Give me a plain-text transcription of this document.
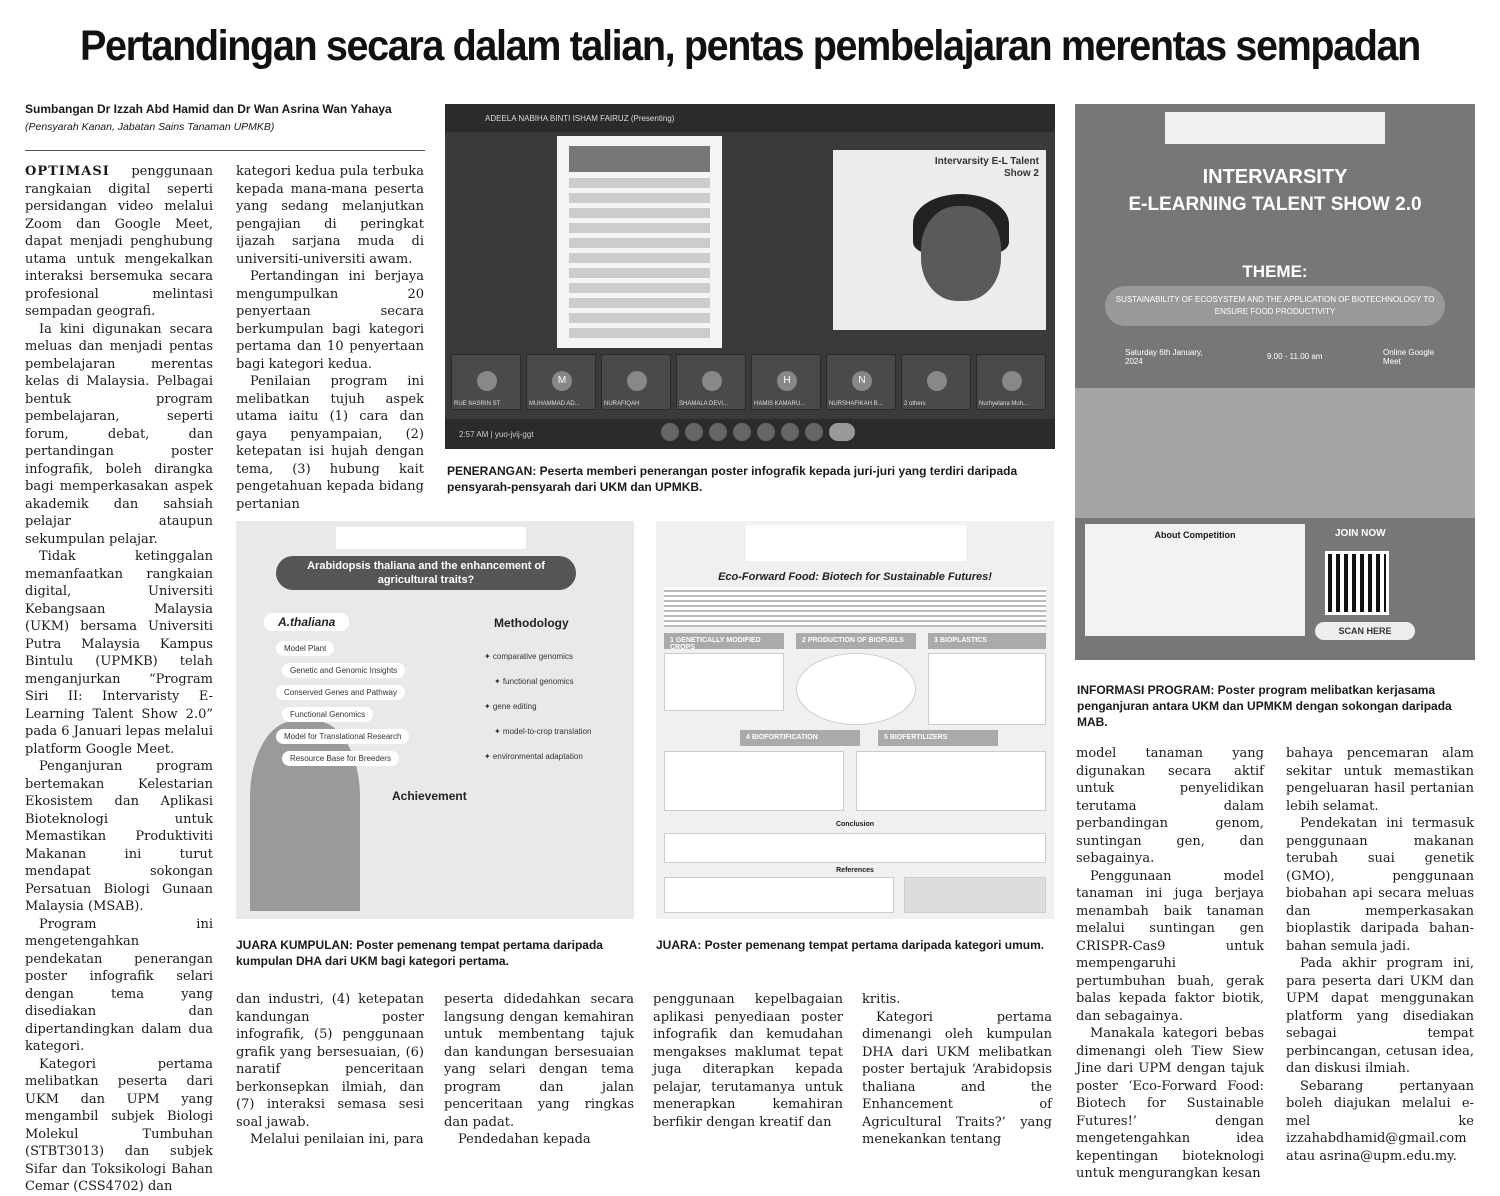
Pertandingan secara dalam talian, pentas pembelajaran merentas sempadan
Sumbangan Dr Izzah Abd Hamid dan Dr Wan Asrina Wan Yahaya
(Pensyarah Kanan, Jabatan Sains Tanaman UPMKB)

OPTIMASI penggunaan rangkaian digital seperti persidangan video melalui Zoom dan Google Meet, dapat menjadi penghubung utama untuk mengekalkan interaksi bersemuka secara profesional melintasi sempadan geografi.

Ia kini digunakan secara meluas dan menjadi pentas pembelajaran merentas kelas di Malaysia. Pelbagai bentuk program pembelajaran, seperti forum, debat, dan pertandingan poster infografik, boleh dirangka bagi memperkasakan aspek akademik dan sahsiah pelajar ataupun sekumpulan pelajar.

Tidak ketinggalan memanfaatkan rangkaian digital, Universiti Kebangsaan Malaysia (UKM) bersama Universiti Putra Malaysia Kampus Bintulu (UPMKB) telah menganjurkan “Program Siri II: Intervaristy E-Learning Talent Show 2.0” pada 6 Januari lepas melalui platform Google Meet.

Penganjuran program bertemakan Kelestarian Ekosistem dan Aplikasi Bioteknologi untuk Memastikan Produktiviti Makanan ini turut mendapat sokongan Persatuan Biologi Gunaan Malaysia (MSAB).

Program ini mengetengahkan pendekatan penerangan poster infografik selari dengan tema yang disediakan dan dipertandingkan dalam dua kategori.

Kategori pertama melibatkan peserta dari UKM dan UPM yang mengambil subjek Biologi Molekul Tumbuhan (STBT3013) dan subjek Sifar dan Toksikologi Bahan Cemar (CSS4702) dan

kategori kedua pula terbuka kepada mana-mana peserta yang sedang melanjutkan pengajian di peringkat ijazah sarjana muda di universiti-universiti awam.

Pertandingan ini berjaya mengumpulkan 20 penyertaan secara berkumpulan bagi kategori pertama dan 10 penyertaan bagi kategori kedua.

Penilaian program ini melibatkan tujuh aspek utama iaitu (1) cara dan gaya penyampaian, (2) ketepatan isi hujah dengan tema, (3) hubung kait pengetahuan kepada bidang pertanian

ADEELA NABIHA BINTI ISHAM FAIRUZ (Presenting)
Intervarsity E-L Talent Show 2
RUE NASRIN ST
M
MUHAMMAD AD...	NURAFIQAH	SHAMALA DEVI...
H
HAMIS KAMARU...
N
NURSHAFIKAH B...	2 others	Nurhyelana Moh...
2:57 AM | yuo-jvij-ggt
PENERANGAN: Peserta memberi penerangan poster infografik kepada juri-juri yang terdiri daripada pensyarah-pensyarah dari UKM dan UPMKB.
INTERVARSITY
E-LEARNING TALENT SHOW 2.0
THEME:
SUSTAINABILITY OF ECOSYSTEM AND THE APPLICATION OF BIOTECHNOLOGY TO ENSURE FOOD PRODUCTIVITY
Saturday 6th January, 2024
9.00 - 11.00 am	Online Google Meet
About Competition	JOIN NOW
SCAN HERE
INFORMASI PROGRAM: Poster program melibatkan kerjasama penganjuran antara UKM dan UPMKM dengan sokongan daripada MAB.
Arabidopsis thaliana and the enhancement of agricultural traits?
A.thaliana	Methodology
Achievement
Model Plant
Genetic and Genomic Insights
Conserved Genes and Pathway
Functional Genomics
Model for Translational Research
Resource Base for Breeders
✦ comparative genomics
✦ functional genomics
✦ gene editing
✦ model-to-crop translation
✦ environmental adaptation
JUARA KUMPULAN: Poster pemenang tempat pertama daripada kumpulan DHA dari UKM bagi kategori pertama.
Eco-Forward Food: Biotech for Sustainable Futures!
1 GENETICALLY MODIFIED CROPS
2 PRODUCTION OF BIOFUELS	3 BIOPLASTICS
4 BIOFORTIFICATION	5 BIOFERTILIZERS
Conclusion
References
JUARA: Poster pemenang tempat pertama daripada kategori umum.

dan industri, (4) ketepatan kandungan poster infografik, (5) penggunaan grafik yang bersesuaian, (6) naratif penceritaan berkonsepkan ilmiah, dan (7) interaksi semasa sesi soal jawab.

Melalui penilaian ini, para

peserta didedahkan secara langsung dengan kemahiran untuk membentang tajuk dan kandungan bersesuaian yang selari dengan tema program dan jalan penceritaan yang ringkas dan padat.

Pendedahan kepada

penggunaan kepelbagaian aplikasi penyediaan poster infografik dan kemudahan mengakses maklumat tepat juga diterapkan kepada pelajar, terutamanya untuk menerapkan kemahiran berfikir dengan kreatif dan

kritis.

Kategori pertama dimenangi oleh kumpulan DHA dari UKM melibatkan poster bertajuk ‘Arabidopsis thaliana and the Enhancement of Agricultural Traits?’ yang menekankan tentang

model tanaman yang digunakan secara aktif untuk penyelidikan terutama dalam perbandingan genom, suntingan gen, dan sebagainya.

Penggunaan model tanaman ini juga berjaya menambah baik tanaman melalui suntingan gen CRISPR-Cas9 untuk mempengaruhi pertumbuhan buah, gerak balas kepada faktor biotik, dan sebagainya.

Manakala kategori bebas dimenangi oleh Tiew Siew Jine dari UPM dengan tajuk poster ‘Eco-Forward Food: Biotech for Sustainable Futures!’ dengan mengetengahkan idea kepentingan bioteknologi untuk mengurangkan kesan

bahaya pencemaran alam sekitar untuk memastikan pengeluaran hasil pertanian lebih selamat.

Pendekatan ini termasuk penggunaan makanan terubah suai genetik (GMO), penggunaan biobahan api secara meluas dan memperkasakan bioplastik daripada bahan-bahan semula jadi.

Pada akhir program ini, para peserta dari UKM dan UPM dapat menggunakan platform yang disediakan sebagai tempat perbincangan, cetusan idea, dan diskusi ilmiah.

Sebarang pertanyaan boleh diajukan melalui e-mel ke izzahabdhamid@gmail.com atau asrina@upm.edu.my.
